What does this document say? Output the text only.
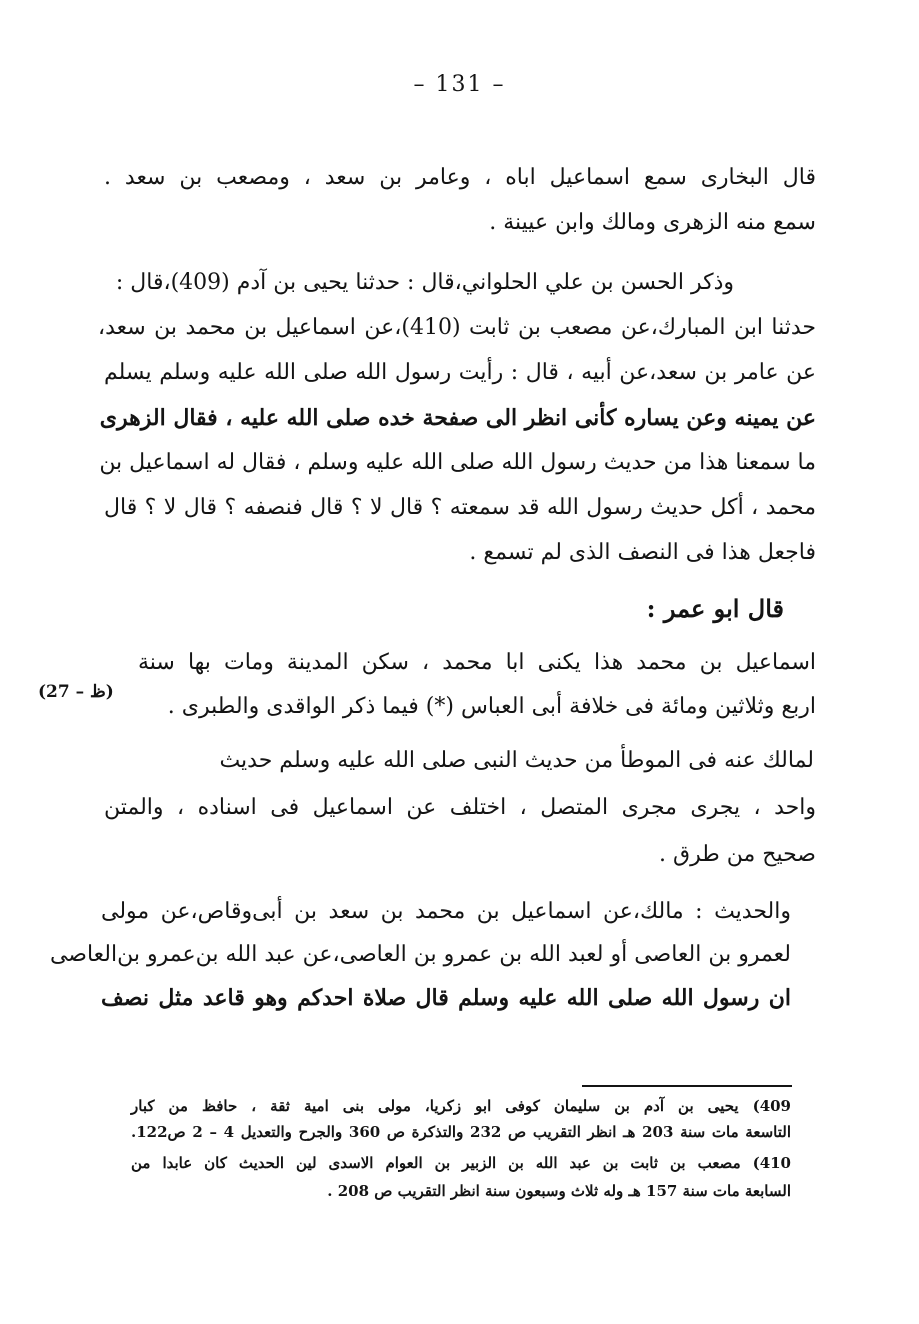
– 131 –
قال البخارى سمع اسماعيل اباه ، وعامر بن سعد ، ومصعب بن سعد .
سمع منه الزهرى ومالك وابن عيينة .
وذكر الحسن بن علي الحلواني،قال : حدثنا يحيى بن آدم (409)،قال :
حدثنا ابن المبارك،عن مصعب بن ثابت (410)،عن اسماعيل بن محمد بن سعد،
عن عامر بن سعد،عن أبيه ، قال : رأيت رسول الله صلى الله عليه وسلم يسلم
عن يمينه وعن يساره كأنى انظر الى صفحة خده صلى الله عليه ، فقال الزهرى
ما سمعنا هذا من حديث رسول الله صلى الله عليه وسلم ، فقال له اسماعيل بن
محمد ، أكل حديث رسول الله قد سمعته ؟ قال لا ؟ قال فنصفه ؟ قال لا ؟ قال
فاجعل هذا فى النصف الذى لم تسمع .
قال ابو عمر :
اسماعيل بن محمد هذا يكنى ابا محمد ، سكن المدينة ومات بها سنة
اربع وثلاثين ومائة فى خلافة أبى العباس (*) فيما ذكر الواقدى والطبرى .
(27 – ظ)
لمالك عنه فى الموطأ من حديث النبى صلى الله عليه وسلم حديث
واحد ، يجرى مجرى المتصل ، اختلف عن اسماعيل فى اسناده ، والمتن
صحيح من طرق .
والحديث : مالك،عن اسماعيل بن محمد بن سعد بن أبى‌وقاص،عن مولى
لعمرو بن العاصى أو لعبد الله بن عمرو بن العاصى،عن عبد الله بن‌عمرو بن‌العاصى
ان رسول الله صلى الله عليه وسلم قال صلاة احدكم وهو قاعد مثل نصف
409) يحيى بن آدم بن سليمان كوفى ابو زكريا، مولى بنى امية ثقة ، حافظ من كبار
التاسعة مات سنة 203 هـ انظر التقريب ص 232 والتذكرة ص 360 والجرح والتعديل 4 – 2 ص122.
410) مصعب بن ثابت بن عبد الله بن الزبير بن العوام الاسدى لين الحديث كان عابدا من
السابعة مات سنة 157 هـ وله ثلاث وسبعون سنة انظر التقريب ص 208 .
